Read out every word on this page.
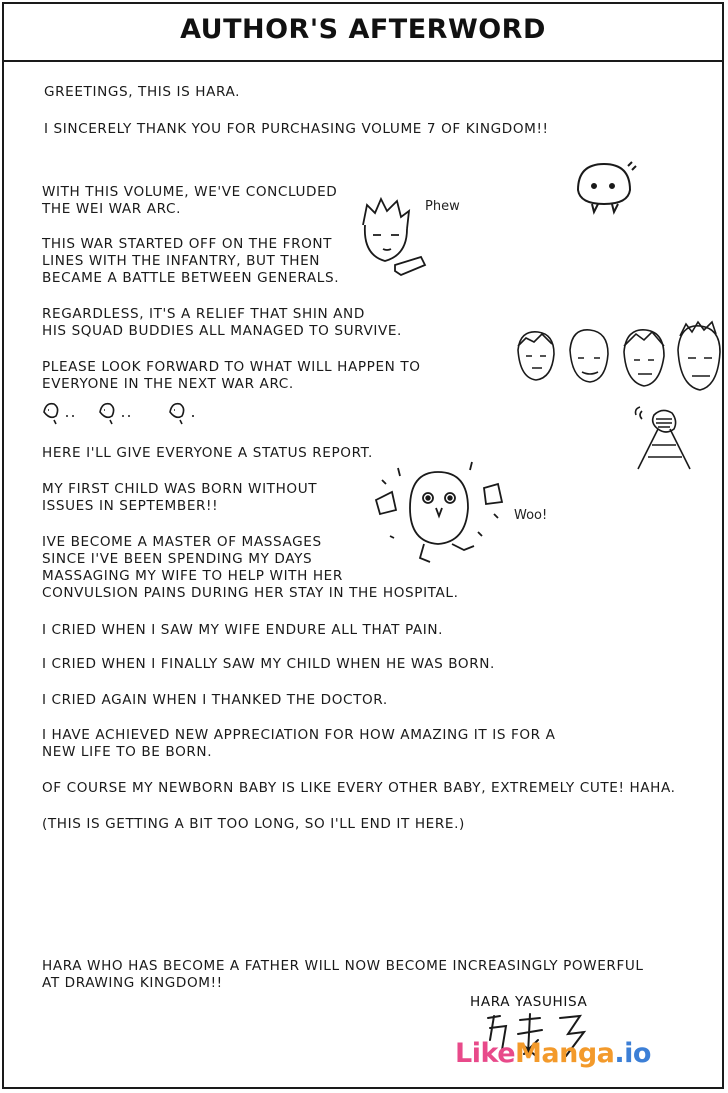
AUTHOR'S AFTERWORD
GREETINGS, THIS IS HARA.
I SINCERELY THANK YOU FOR PURCHASING VOLUME 7 OF KINGDOM!!
WITH THIS VOLUME, WE'VE CONCLUDED
THE WEI WAR ARC.
THIS WAR STARTED OFF ON THE FRONT
LINES WITH THE INFANTRY, BUT THEN
BECAME A BATTLE BETWEEN GENERALS.
REGARDLESS, IT'S A RELIEF THAT SHIN AND
HIS SQUAD BUDDIES ALL MANAGED TO SURVIVE.
PLEASE LOOK FORWARD TO WHAT WILL HAPPEN TO
EVERYONE IN THE NEXT WAR ARC.
HERE I'LL GIVE EVERYONE A STATUS REPORT.
MY FIRST CHILD WAS BORN WITHOUT
ISSUES IN SEPTEMBER!!
IVE BECOME A MASTER OF MASSAGES
SINCE I'VE BEEN SPENDING MY DAYS
MASSAGING MY WIFE TO HELP WITH HER
CONVULSION PAINS DURING HER STAY IN THE HOSPITAL.
I CRIED WHEN I SAW MY WIFE ENDURE ALL THAT PAIN.
I CRIED WHEN I FINALLY SAW MY CHILD WHEN HE WAS BORN.
I CRIED AGAIN WHEN I THANKED THE DOCTOR.
I HAVE ACHIEVED NEW APPRECIATION FOR HOW AMAZING IT IS FOR A
NEW LIFE TO BE BORN.
OF COURSE MY NEWBORN BABY IS LIKE EVERY OTHER BABY, EXTREMELY CUTE! HAHA.
(THIS IS GETTING A BIT TOO LONG, SO I'LL END IT HERE.)
HARA WHO HAS BECOME A FATHER WILL NOW BECOME INCREASINGLY POWERFUL
AT DRAWING KINGDOM!!
HARA YASUHISA
Phew
Woo!
LikeManga.io
